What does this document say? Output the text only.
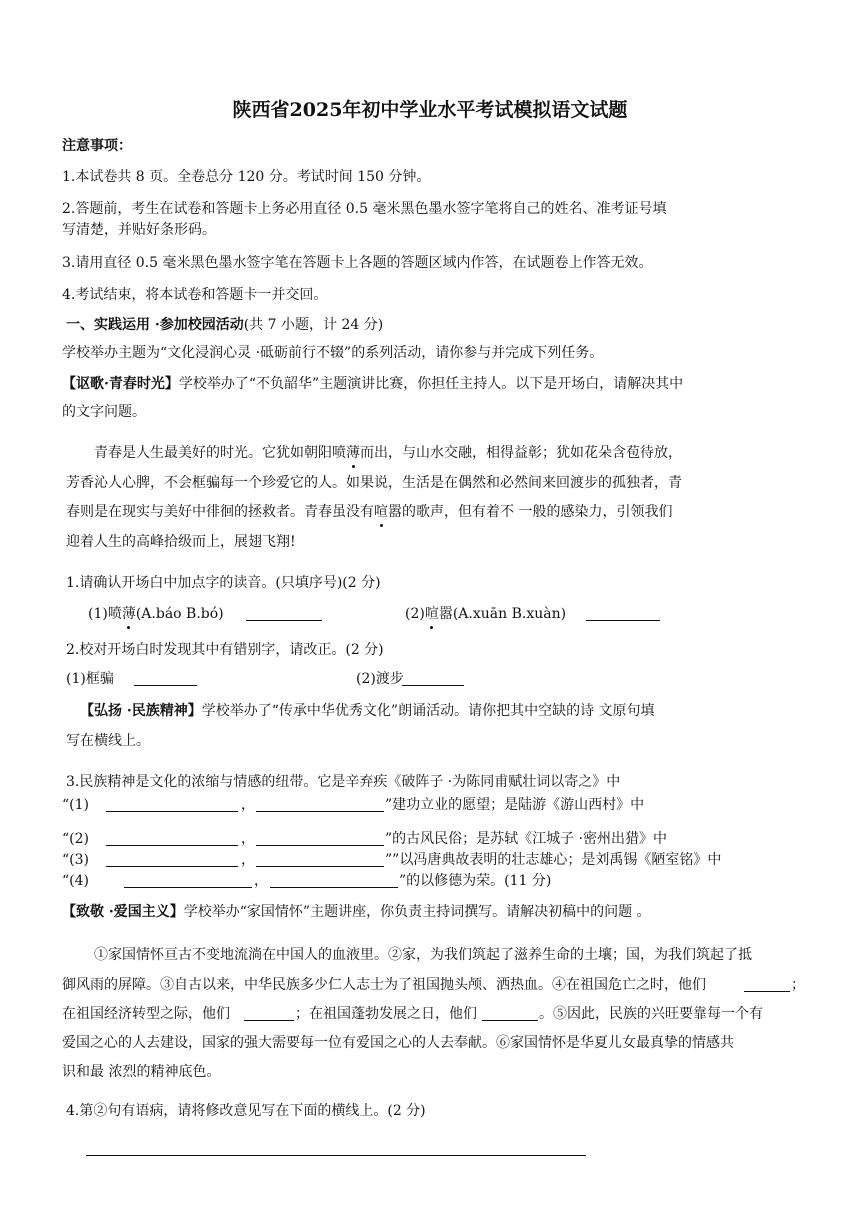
陕西省2025年初中学业水平考试模拟语文试题
注意事项：
1.本试卷共 8 页。全卷总分 120 分。考试时间 150 分钟。
2.答题前，考生在试卷和答题卡上务必用直径 0.5 毫米黑色墨水签字笔将自己的姓名、准考证号填
写清楚，并贴好条形码。
3.请用直径 0.5 毫米黑色墨水签字笔在答题卡上各题的答题区域内作答，在试题卷上作答无效。
4.考试结束，将本试卷和答题卡一并交回。
一、实践运用 ·参加校园活动(共 7 小题，计 24 分)
学校举办主题为“文化浸润心灵 ·砥砺前行不辍”的系列活动，请你参与并完成下列任务。
【讴歌·青春时光】学校举办了“不负韶华”主题演讲比赛，你担任主持人。以下是开场白，请解决其中
的文字问题。
青春是人生最美好的时光。它犹如朝阳喷薄而出，与山水交融，相得益彰；犹如花朵含苞待放，
芳香沁人心脾，不会框骗每一个珍爱它的人。如果说，生活是在偶然和必然间来回渡步的孤独者，青
春则是在现实与美好中徘徊的拯救者。青春虽没有喧嚣的歌声，但有着不 一般的感染力，引领我们
迎着人生的高峰拾级而上，展翅飞翔!
1.请确认开场白中加点字的读音。(只填序号)(2 分)
(1)喷薄(A.báo B.bó)	(2)喧嚣(A.xuān B.xuàn)
2.校对开场白时发现其中有错别字，请改正。(2 分)
(1)框骗	(2)渡步
【弘扬 ·民族精神】学校举办了“传承中华优秀文化”朗诵活动。请你把其中空缺的诗 文原句填
写在横线上。
3.民族精神是文化的浓缩与情感的纽带。它是辛弃疾《破阵子 ·为陈同甫赋壮词以寄之》中
“(1)	，	”建功立业的愿望；是陆游《游山西村》中
“(2)	，	”的古风民俗；是苏轼《江城子 ·密州出猎》中
“(3)	，	””以冯唐典故表明的壮志雄心；是刘禹锡《陋室铭》中
“(4)	，	”的以修德为荣。(11 分)
【致敬 ·爱国主义】学校举办“家国情怀”主题讲座，你负责主持词撰写。请解决初稿中的问题 。
①家国情怀亘古不变地流淌在中国人的血液里。②家，为我们筑起了滋养生命的土壤；国，为我们筑起了抵
御风雨的屏障。③自古以来，中华民族多少仁人志士为了祖国抛头颅、洒热血。④在祖国危亡之时，他们	；
在祖国经济转型之际，他们	；在祖国蓬勃发展之日，他们	。⑤因此，民族的兴旺要靠每一个有
爱国之心的人去建设，国家的强大需要每一位有爱国之心的人去奉献。⑥家国情怀是华夏儿女最真挚的情感共
识和最 浓烈的精神底色。
4.第②句有语病，请将修改意见写在下面的横线上。(2 分)
